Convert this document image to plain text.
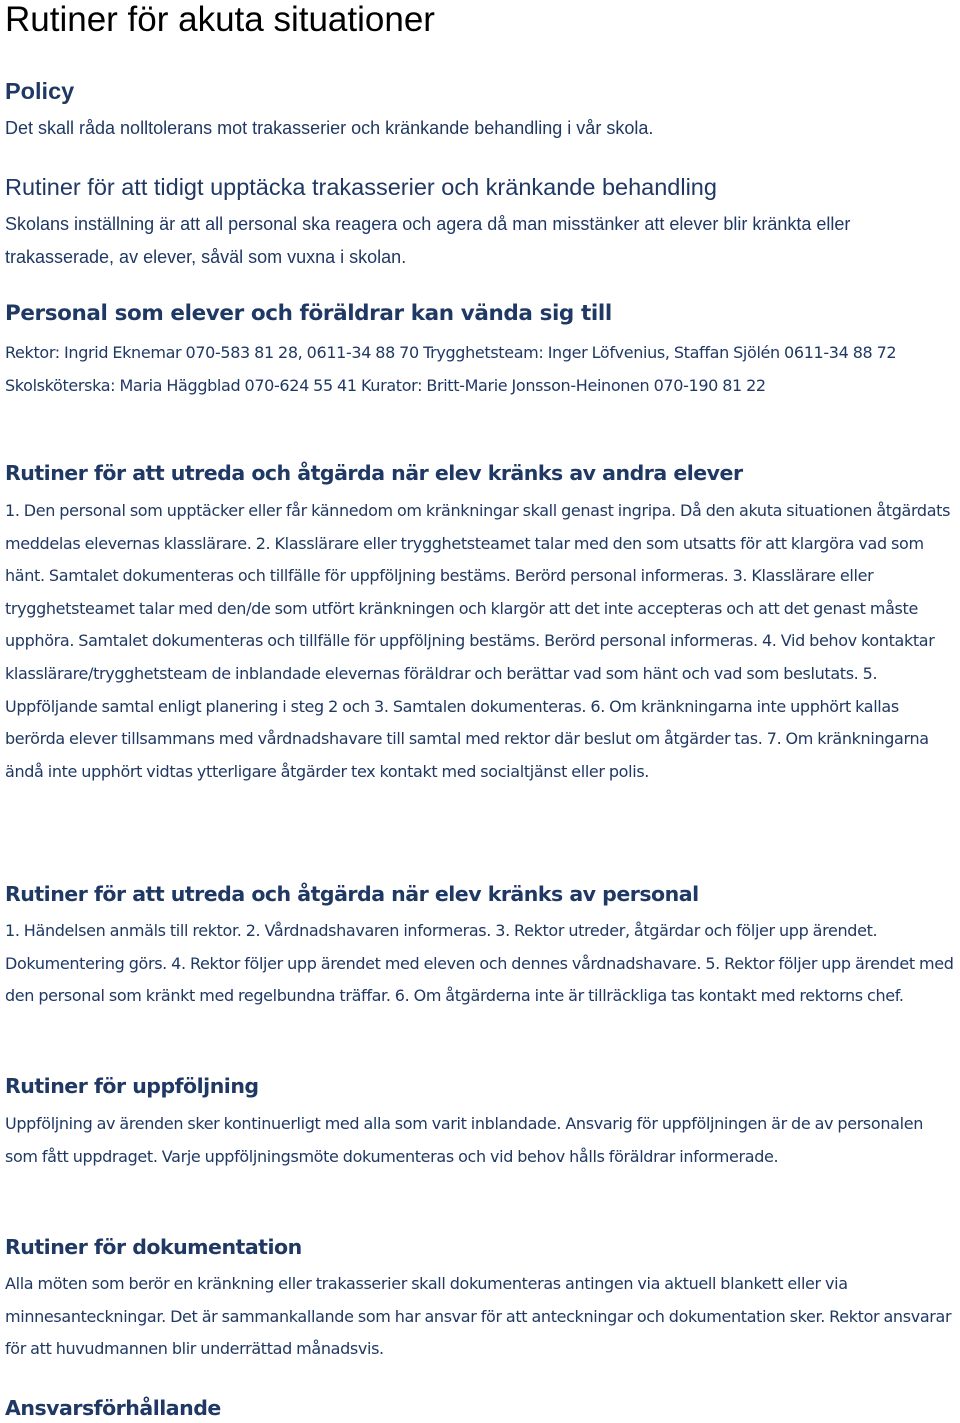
Rutiner för akuta situationer
Policy

Det skall råda nolltolerans mot trakasserier och kränkande behandling i vår skola.

Rutiner för att tidigt upptäcka trakasserier och kränkande behandling

Skolans inställning är att all personal ska reagera och agera då man misstänker att elever blir kränkta eller trakasserade, av elever, såväl som vuxna i skolan.

Personal som elever och föräldrar kan vända sig till

Rektor: Ingrid Eknemar 070-583 81 28, 0611-34 88 70 Trygghetsteam: Inger Löfvenius, Staffan Sjölén 0611-34 88 72 Skolsköterska: Maria Häggblad 070-624 55 41 Kurator: Britt-Marie Jonsson-Heinonen 070-190 81 22

Rutiner för att utreda och åtgärda när elev kränks av andra elever

1. Den personal som upptäcker eller får kännedom om kränkningar skall genast ingripa. Då den akuta situationen åtgärdats meddelas elevernas klasslärare. 2. Klasslärare eller trygghetsteamet talar med den som utsatts för att klargöra vad som hänt. Samtalet dokumenteras och tillfälle för uppföljning bestäms. Berörd personal informeras. 3. Klasslärare eller trygghetsteamet talar med den/de som utfört kränkningen och klargör att det inte accepteras och att det genast måste upphöra. Samtalet dokumenteras och tillfälle för uppföljning bestäms. Berörd personal informeras. 4. Vid behov kontaktar klasslärare/trygghetsteam de inblandade elevernas föräldrar och berättar vad som hänt och vad som beslutats. 5. Uppföljande samtal enligt planering i steg 2 och 3. Samtalen dokumenteras. 6. Om kränkningarna inte upphört kallas berörda elever tillsammans med vårdnadshavare till samtal med rektor där beslut om åtgärder tas. 7. Om kränkningarna ändå inte upphört vidtas ytterligare åtgärder tex kontakt med socialtjänst eller polis.

Rutiner för att utreda och åtgärda när elev kränks av personal

1. Händelsen anmäls till rektor. 2. Vårdnadshavaren informeras. 3. Rektor utreder, åtgärdar och följer upp ärendet. Dokumentering görs. 4. Rektor följer upp ärendet med eleven och dennes vårdnadshavare. 5. Rektor följer upp ärendet med den personal som kränkt med regelbundna träffar. 6. Om åtgärderna inte är tillräckliga tas kontakt med rektorns chef.

Rutiner för uppföljning

Uppföljning av ärenden sker kontinuerligt med alla som varit inblandade. Ansvarig för uppföljningen är de av personalen som fått uppdraget. Varje uppföljningsmöte dokumenteras och vid behov hålls föräldrar informerade.

Rutiner för dokumentation

Alla möten som berör en kränkning eller trakasserier skall dokumenteras antingen via aktuell blankett eller via minnesanteckningar. Det är sammankallande som har ansvar för att anteckningar och dokumentation sker. Rektor ansvarar för att huvudmannen blir underrättad månadsvis.

Ansvarsförhållande
